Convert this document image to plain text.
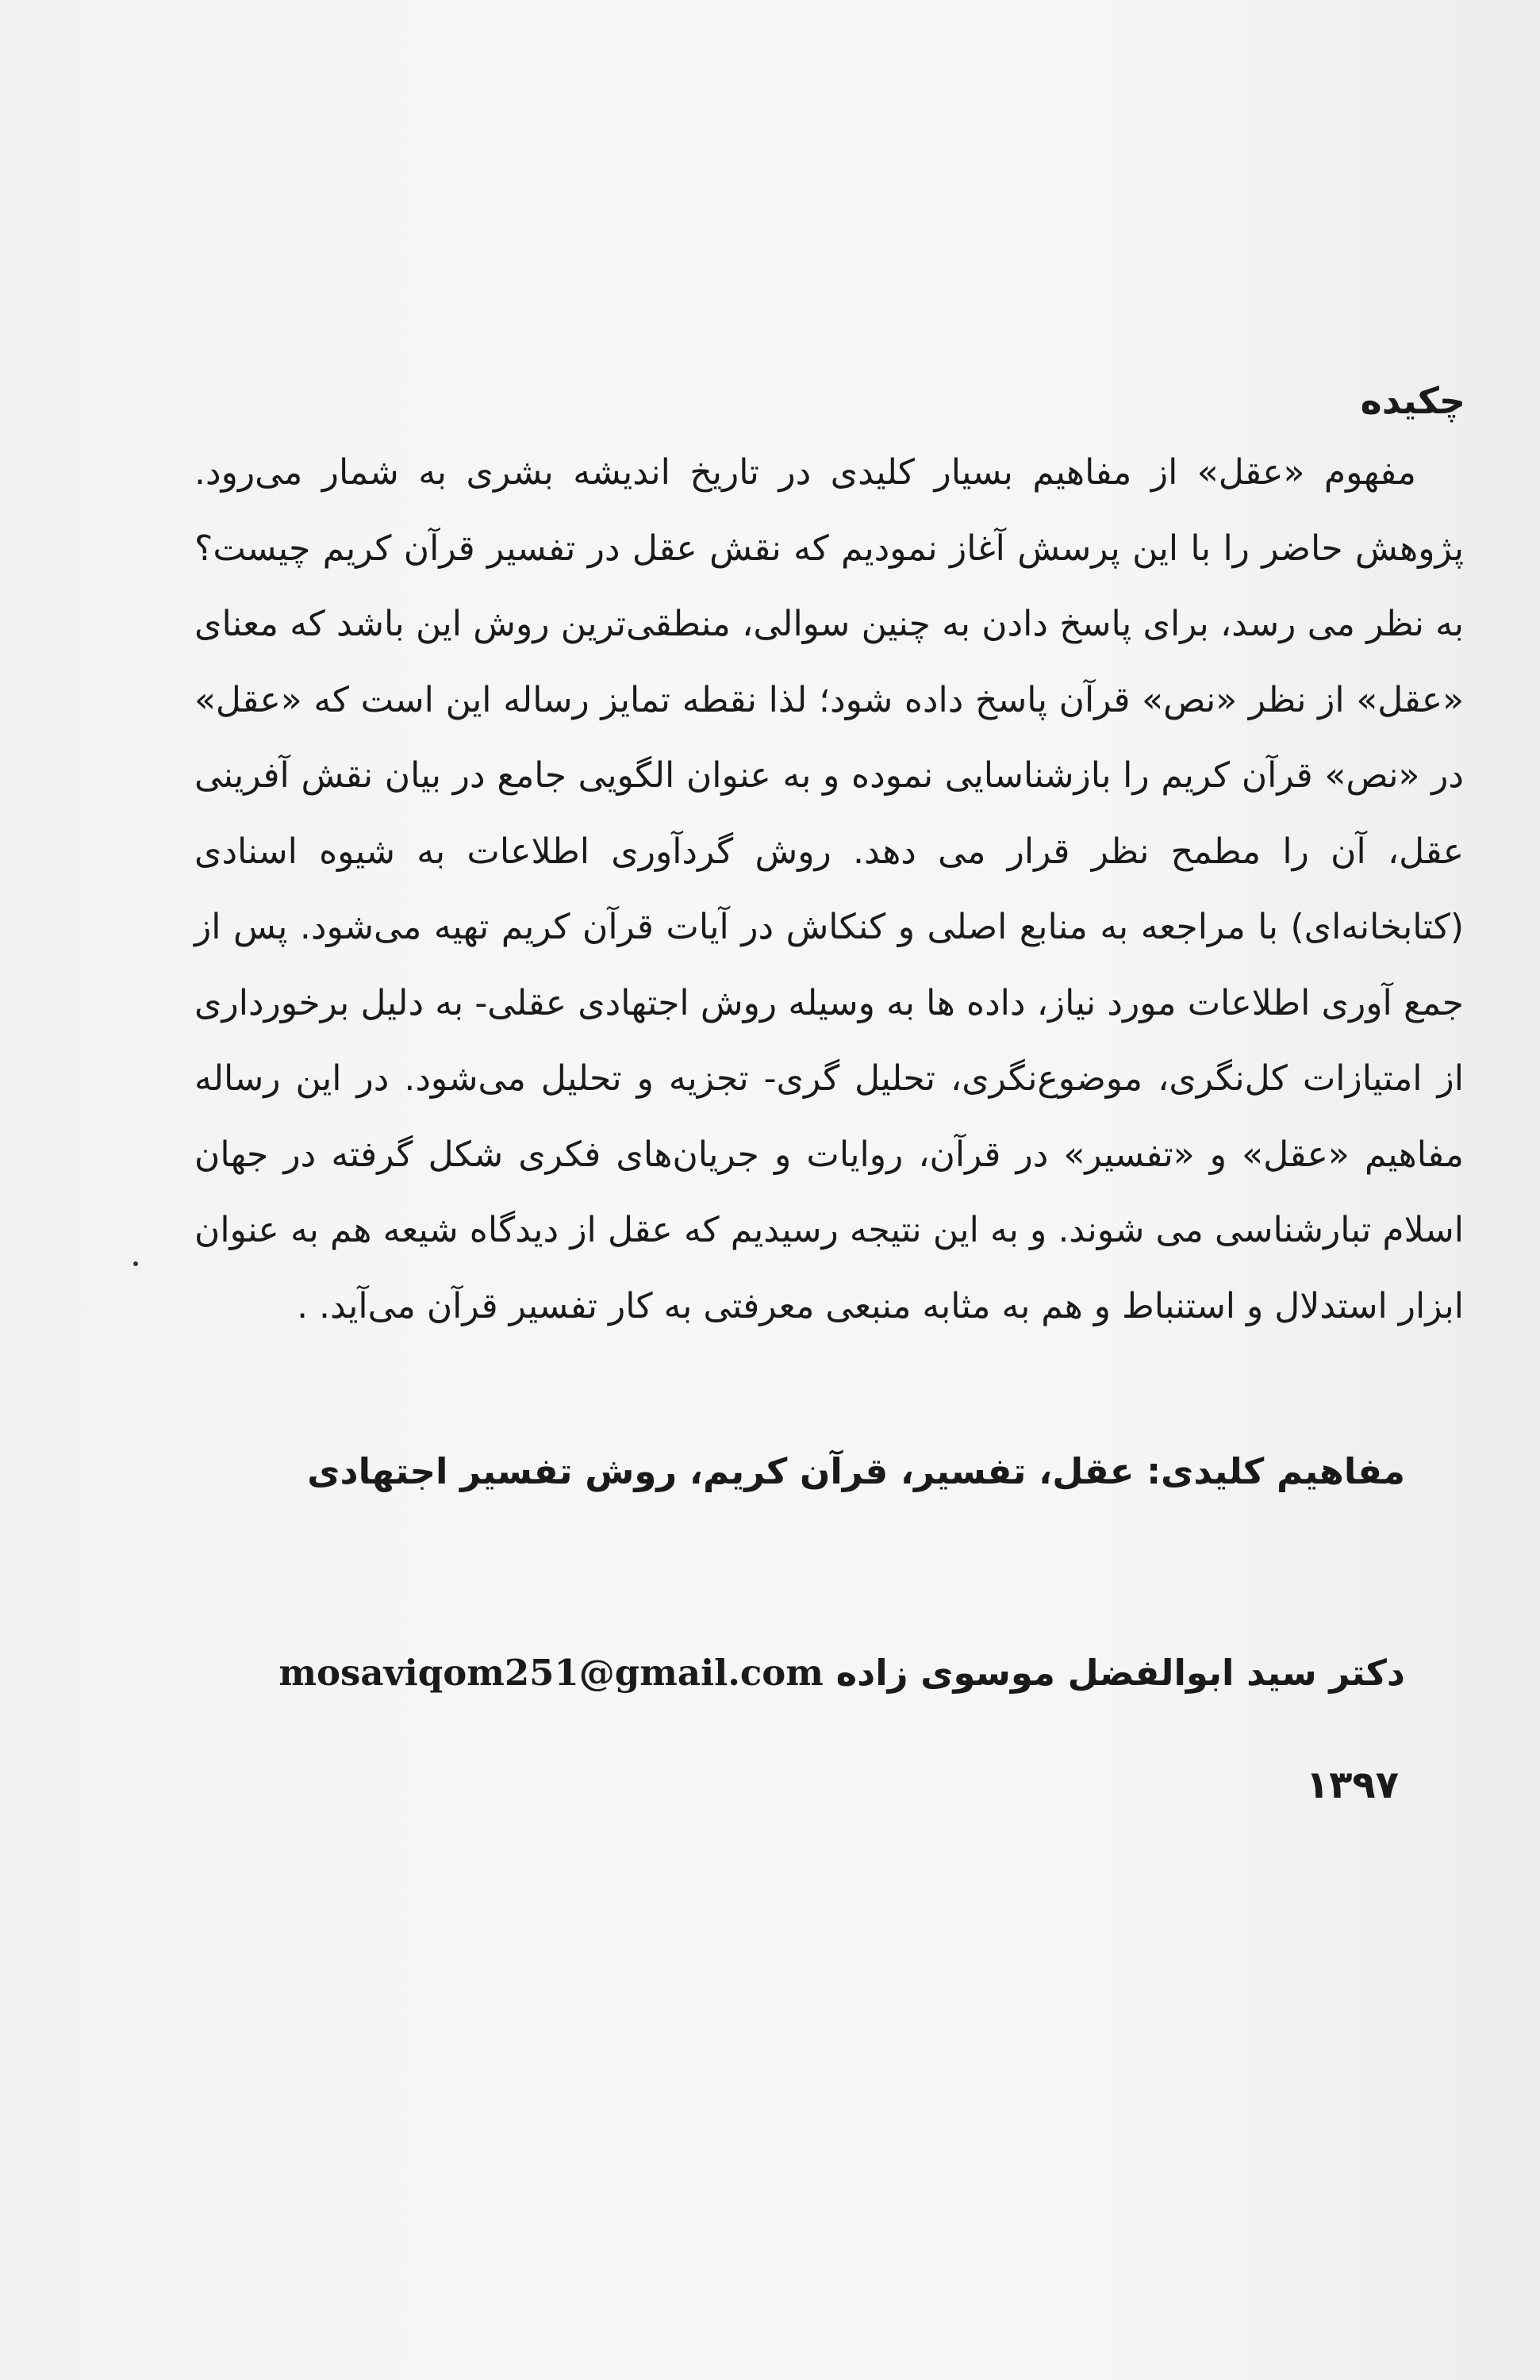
چکیده

مفهوم «عقل» از مفاهیم بسیار کلیدی در تاریخ اندیشه بشری به شمار می‌رود. پژوهش حاضر را با این پرسش آغاز نمودیم که نقش عقل در تفسیر قرآن کریم چیست؟ به نظر می رسد، برای پاسخ دادن به چنین سوالی، منطقی‌ترین روش این باشد که معنای «عقل» از نظر «نص» قرآن پاسخ داده شود؛ لذا نقطه تمایز رساله این است که «عقل» در «نص» قرآن کریم را بازشناسایی نموده و به عنوان الگویی جامع در بیان نقش آفرینی عقل، آن را مطمح نظر قرار می دهد. روش گردآوری اطلاعات به شیوه اسنادی (کتابخانه‌ای) با مراجعه به منابع اصلی و کنکاش در آیات قرآن کریم تهیه می‌شود. پس از جمع آوری اطلاعات مورد نیاز، داده ها به وسیله روش اجتهادی عقلی- به دلیل برخورداری از امتیازات کل‌نگری، موضوع‌نگری، تحلیل گری- تجزیه و تحلیل می‌شود. در این رساله مفاهیم «عقل» و «تفسیر» در قرآن، روایات و جریان‌های فکری شکل گرفته در جهان اسلام تبارشناسی می شوند. و به این نتیجه رسیدیم که عقل از دیدگاه شیعه هم به عنوان ابزار استدلال و استنباط و هم به مثابه منبعی معرفتی به کار تفسیر قرآن می‌آید. .

مفاهیم کلیدی: عقل، تفسیر، قرآن کریم، روش تفسیر اجتهادی

دکتر سید ابوالفضل موسوی زاده mosaviqom251@gmail.com

۱۳۹۷
